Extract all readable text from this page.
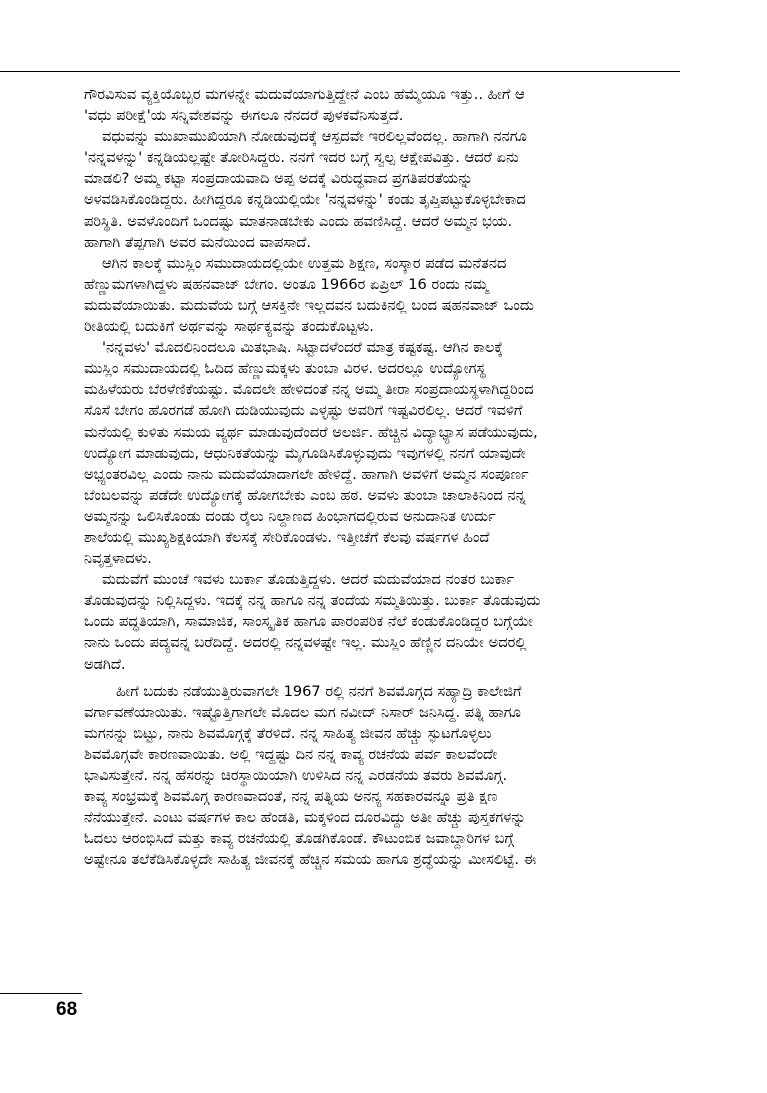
ಗೌರವಿಸುವ ವ್ಯಕ್ತಿಯೊಬ್ಬರ ಮಗಳನ್ನೇ ಮದುವೆಯಾಗುತ್ತಿದ್ದೇನೆ ಎಂಬ ಹೆಮ್ಮೆಯೂ ಇತ್ತು.. ಹೀಗೆ ಆ
'ವಧು ಪರೀಕ್ಷೆ'ಯ ಸನ್ನಿವೇಶವನ್ನು ಈಗಲೂ ನೆನದರೆ ಪುಳಕವೆನಿಸುತ್ತದೆ.
ವಧುವನ್ನು ಮುಖಾಮುಖಿಯಾಗಿ ನೋಡುವುದಕ್ಕೆ ಆಸ್ಪದವೇ ಇರಲಿಲ್ಲವೆಂದಲ್ಲ. ಹಾಗಾಗಿ ನನಗೂ
'ನನ್ನವಳನ್ನು' ಕನ್ನಡಿಯಲ್ಲಷ್ಟೇ ತೋರಿಸಿದ್ದರು. ನನಗೆ ಇದರ ಬಗ್ಗೆ ಸ್ವಲ್ಪ ಆಕ್ಷೇಪವಿತ್ತು. ಆದರೆ ಏನು
ಮಾಡಲಿ? ಅಮ್ಮ ಕಟ್ಟಾ ಸಂಪ್ರದಾಯವಾದಿ ಅಪ್ಪ ಅದಕ್ಕೆ ವಿರುದ್ಧವಾದ ಪ್ರಗತಿಪರತೆಯನ್ನು
ಅಳವಡಿಸಿಕೊಂಡಿದ್ದರು. ಹೀಗಿದ್ದರೂ ಕನ್ನಡಿಯಲ್ಲಿಯೇ 'ನನ್ನವಳನ್ನು' ಕಂಡು ತೃಪ್ತಿಪಟ್ಟುಕೊಳ್ಳಬೇಕಾದ
ಪರಿಸ್ಥಿತಿ. ಅವಳೊಂದಿಗೆ ಒಂದಷ್ಟು ಮಾತನಾಡಬೇಕು ಎಂದು ಹವಣಿಸಿದ್ದೆ. ಆದರೆ ಅಮ್ಮನ ಭಯ.
ಹಾಗಾಗಿ ತೆಪ್ಪಗಾಗಿ ಅವರ ಮನೆಯಿಂದ ವಾಪಸಾದೆ.
ಆಗಿನ ಕಾಲಕ್ಕೆ ಮುಸ್ಲಿಂ ಸಮುದಾಯದಲ್ಲಿಯೇ ಉತ್ತಮ ಶಿಕ್ಷಣ, ಸಂಸ್ಕಾರ ಪಡೆದ ಮನೆತನದ
ಹೆಣ್ಣುಮಗಳಾಗಿದ್ದಳು ಷಹನವಾಜ್ ಬೇಗಂ. ಅಂತೂ 1966ರ ಏಪ್ರಿಲ್ 16 ರಂದು ನಮ್ಮ
ಮದುವೆಯಾಯಿತು. ಮದುವೆಯ ಬಗ್ಗೆ ಆಸಕ್ತಿನೇ ಇಲ್ಲದವನ ಬದುಕಿನಲ್ಲಿ ಬಂದ ಷಹನವಾಜ್ ಒಂದು
ರೀತಿಯಲ್ಲಿ ಬದುಕಿಗೆ ಅರ್ಥವನ್ನು ಸಾರ್ಥಕ್ಯವನ್ನು ತಂದುಕೊಟ್ಟಳು.
'ನನ್ನವಳು' ಮೊದಲಿನಿಂದಲೂ ಮಿತಭಾಷಿ. ಸಿಟ್ಟಾದಳೆಂದರೆ ಮಾತ್ರ ಕಷ್ಟಕಷ್ಟ. ಆಗಿನ ಕಾಲಕ್ಕೆ
ಮುಸ್ಲಿಂ ಸಮುದಾಯದಲ್ಲಿ ಓದಿದ ಹೆಣ್ಣುಮಕ್ಕಳು ತುಂಬಾ ವಿರಳ. ಅದರಲ್ಲೂ ಉದ್ಯೋಗಸ್ಥ
ಮಹಿಳೆಯರು ಬೆರಳೆಣಿಕೆಯಷ್ಟು. ಮೊದಲೇ ಹೇಳಿದಂತೆ ನನ್ನ ಅಮ್ಮ ತೀರಾ ಸಂಪ್ರದಾಯಸ್ಥಳಾಗಿದ್ದರಿಂದ
ಸೊಸೆ ಬೇಗಂ ಹೊರಗಡೆ ಹೋಗಿ ದುಡಿಯುವುದು ಎಳ್ಳಷ್ಟು ಅವರಿಗೆ ಇಷ್ಟವಿರಲಿಲ್ಲ. ಆದರೆ ಇವಳಿಗೆ
ಮನೆಯಲ್ಲಿ ಕುಳಿತು ಸಮಯ ವ್ಯರ್ಥ ಮಾಡುವುದೆಂದರೆ ಅಲರ್ಜಿ. ಹೆಚ್ಚಿನ ವಿದ್ಯಾಭ್ಯಾಸ ಪಡೆಯುವುದು,
ಉದ್ಯೋಗ ಮಾಡುವುದು, ಆಧುನಿಕತೆಯನ್ನು ಮೈಗೂಡಿಸಿಕೊಳ್ಳುವುದು ಇವುಗಳಲ್ಲಿ ನನಗೆ ಯಾವುದೇ
ಅಭ್ಯಂತರವಿಲ್ಲ ಎಂದು ನಾನು ಮದುವೆಯಾದಾಗಲೇ ಹೇಳಿದ್ದೆ. ಹಾಗಾಗಿ ಅವಳಿಗೆ ಅಮ್ಮನ ಸಂಪೂರ್ಣ
ಬೆಂಬಲವನ್ನು ಪಡೆದೇ ಉದ್ಯೋಗಕ್ಕೆ ಹೋಗಬೇಕು ಎಂಬ ಹಠ. ಅವಳು ತುಂಬಾ ಚಾಲಾಕಿನಿಂದ ನನ್ನ
ಅಮ್ಮನನ್ನು ಒಲಿಸಿಕೊಂಡು ದಂಡು ರೈಲು ನಿಲ್ದಾಣದ ಹಿಂಭಾಗದಲ್ಲಿರುವ ಅನುದಾನಿತ ಉರ್ದು
ಶಾಲೆಯಲ್ಲಿ ಮುಖ್ಯಶಿಕ್ಷಕಿಯಾಗಿ ಕೆಲಸಕ್ಕೆ ಸೇರಿಕೊಂಡಳು. ಇತ್ತೀಚೆಗೆ ಕೆಲವು ವರ್ಷಗಳ ಹಿಂದೆ
ನಿವೃತ್ತಳಾದಳು.
ಮದುವೆಗೆ ಮುಂಚೆ ಇವಳು ಬುರ್ಕಾ ತೊಡುತ್ತಿದ್ದಳು. ಆದರೆ ಮದುವೆಯಾದ ನಂತರ ಬುರ್ಕಾ
ತೊಡುವುದನ್ನು ನಿಲ್ಲಿಸಿದ್ದಳು. ಇದಕ್ಕೆ ನನ್ನ ಹಾಗೂ ನನ್ನ ತಂದೆಯ ಸಮ್ಮತಿಯಿತ್ತು. ಬುರ್ಕಾ ತೊಡುವುದು
ಒಂದು ಪದ್ಧತಿಯಾಗಿ, ಸಾಮಾಜಿಕ, ಸಾಂಸ್ಕೃತಿಕ ಹಾಗೂ ಪಾರಂಪರಿಕ ನೆಲೆ ಕಂಡುಕೊಂಡಿದ್ದರ ಬಗ್ಗೆಯೇ
ನಾನು ಒಂದು ಪದ್ಯವನ್ನ ಬರೆದಿದ್ದೆ. ಅದರಲ್ಲಿ ನನ್ನವಳಷ್ಟೇ ಇಲ್ಲ. ಮುಸ್ಲಿಂ ಹೆಣ್ಣಿನ ದನಿಯೇ ಅದರಲ್ಲಿ
ಅಡಗಿದೆ.
ಹೀಗೆ ಬದುಕು ನಡೆಯುತ್ತಿರುವಾಗಲೇ 1967 ರಲ್ಲಿ ನನಗೆ ಶಿವಮೊಗ್ಗದ ಸಹ್ಯಾದ್ರಿ ಕಾಲೇಜಿಗೆ
ವರ್ಗಾವಣೆಯಾಯಿತು. ಇಷ್ಟೊತ್ತಿಗಾಗಲೇ ಮೊದಲ ಮಗ ನವೀದ್ ನಿಸಾರ್ ಜನಿಸಿದ್ದ. ಪತ್ನಿ ಹಾಗೂ
ಮಗನನ್ನು ಬಿಟ್ಟು, ನಾನು ಶಿವಮೊಗ್ಗಕ್ಕೆ ತೆರಳಿದೆ. ನನ್ನ ಸಾಹಿತ್ಯ ಜೀವನ ಹೆಚ್ಚು ಸ್ಫುಟಗೊಳ್ಳಲು
ಶಿವಮೊಗ್ಗವೇ ಕಾರಣವಾಯಿತು. ಅಲ್ಲಿ ಇದ್ದಷ್ಟು ದಿನ ನನ್ನ ಕಾವ್ಯ ರಚನೆಯ ಪರ್ವ ಕಾಲವೆಂದೇ
ಭಾವಿಸುತ್ತೇನೆ. ನನ್ನ ಹೆಸರನ್ನು ಚಿರಸ್ಥಾಯಿಯಾಗಿ ಉಳಿಸಿದ ನನ್ನ ಎರಡನೆಯ ತವರು ಶಿವಮೊಗ್ಗ.
ಕಾವ್ಯ ಸಂಭ್ರಮಕ್ಕೆ ಶಿವಮೊಗ್ಗ ಕಾರಣವಾದಂತೆ, ನನ್ನ ಪತ್ನಿಯ ಅನನ್ಯ ಸಹಕಾರವನ್ನೂ ಪ್ರತಿ ಕ್ಷಣ
ನೆನೆಯುತ್ತೇನೆ. ಎಂಟು ವರ್ಷಗಳ ಕಾಲ ಹೆಂಡತಿ, ಮಕ್ಕಳಿಂದ ದೂರವಿದ್ದು ಅತೀ ಹೆಚ್ಚು ಪುಸ್ತಕಗಳನ್ನು
ಓದಲು ಆರಂಭಿಸಿದೆ ಮತ್ತು ಕಾವ್ಯ ರಚನೆಯಲ್ಲಿ ತೊಡಗಿಕೊಂಡೆ. ಕೌಟುಂಬಿಕ ಜವಾಬ್ದಾರಿಗಳ ಬಗ್ಗೆ
ಅಷ್ಟೇನೂ ತಲೆಕೆಡಿಸಿಕೊಳ್ಳದೇ ಸಾಹಿತ್ಯ ಜೀವನಕ್ಕೆ ಹೆಚ್ಚಿನ ಸಮಯ ಹಾಗೂ ಶ್ರದ್ಧೆಯನ್ನು ಮೀಸಲಿಟ್ಟೆ. ಈ
68
